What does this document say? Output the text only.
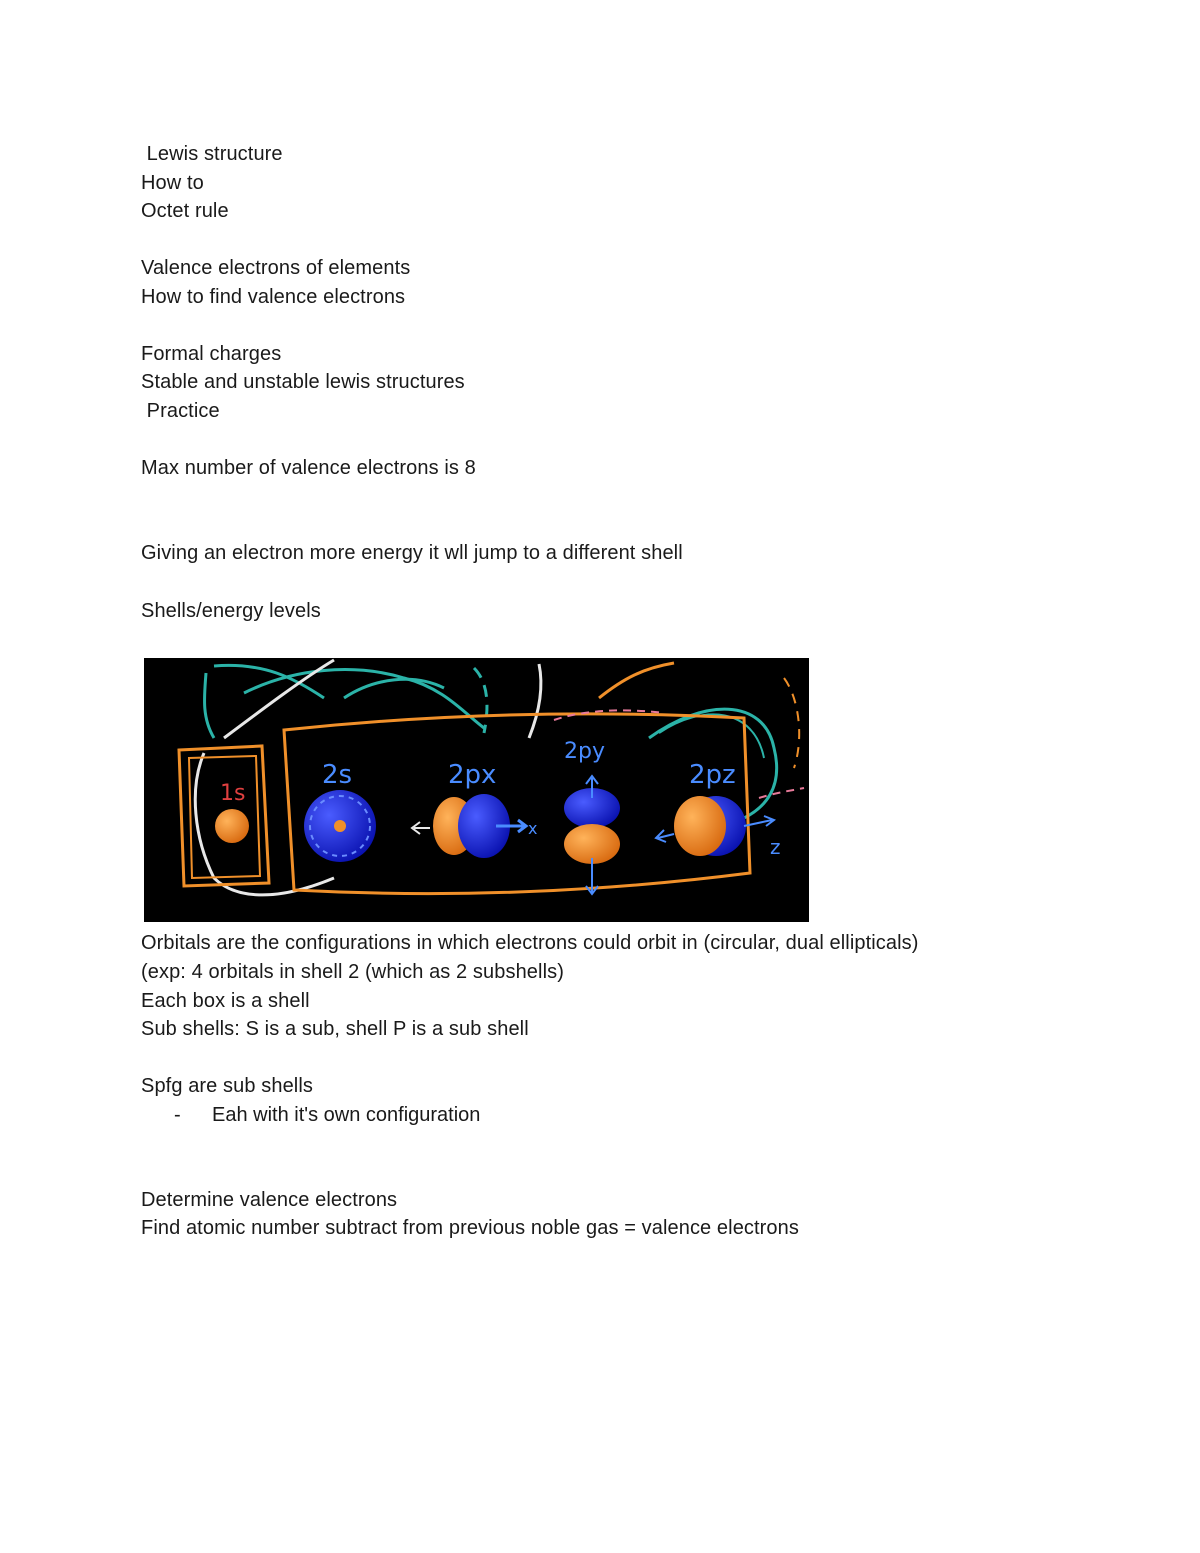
Lewis structure
How to
Octet rule
Valence electrons of elements
How to find valence electrons
Formal charges
Stable and unstable lewis structures
Practice
Max number of valence electrons is 8
Giving an electron more energy it wll jump to a different shell
Shells/energy levels
1s
2s	2px
x
2py
2pz
z
Orbitals are the configurations in which electrons could orbit in (circular, dual ellipticals)
(exp: 4 orbitals in shell 2 (which as 2 subshells)
Each box is a shell
Sub shells: S is a sub, shell P is a sub shell
Spfg are sub shells
- Eah with it's own configuration
Determine valence electrons
Find atomic number subtract from previous noble gas = valence electrons
